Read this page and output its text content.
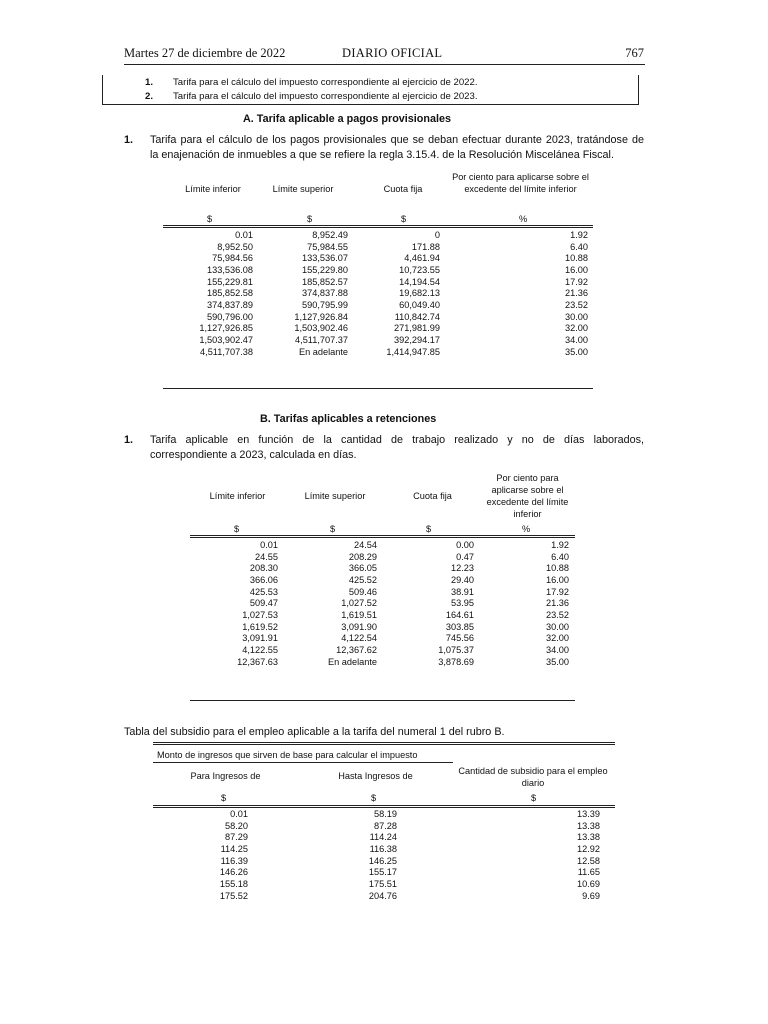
Martes 27 de diciembre de 2022	DIARIO OFICIAL	767
1. Tarifa para el cálculo del impuesto correspondiente al ejercicio de 2022.
2. Tarifa para el cálculo del impuesto correspondiente al ejercicio de 2023.
A. Tarifa aplicable a pagos provisionales
1. Tarifa para el cálculo de los pagos provisionales que se deban efectuar durante 2023, tratándose de
la enajenación de inmuebles a que se refiere la regla 3.15.4. de la Resolución Miscelánea Fiscal.
Límite inferior	Límite superior	Cuota fija
Por ciento para aplicarse sobre el excedente del límite inferior
$	$	$	%
0.01	8,952.49	0	1.92
8,952.50	75,984.55	171.88	6.40
75,984.56	133,536.07	4,461.94	10.88
133,536.08	155,229.80	10,723.55	16.00
155,229.81	185,852.57	14,194.54	17.92
185,852.58	374,837.88	19,682.13	21.36
374,837.89	590,795.99	60,049.40	23.52
590,796.00	1,127,926.84	110,842.74	30.00
1,127,926.85	1,503,902.46	271,981.99	32.00
1,503,902.47	4,511,707.37	392,294.17	34.00
4,511,707.38	En adelante	1,414,947.85	35.00
B. Tarifas aplicables a retenciones
1. Tarifa aplicable en función de la cantidad de trabajo realizado y no de días laborados,
correspondiente a 2023, calculada en días.
Límite inferior	Límite superior	Cuota fija
Por ciento para aplicarse sobre el excedente del límite inferior
$	$	$	%
0.01	24.54	0.00	1.92
24.55	208.29	0.47	6.40
208.30	366.05	12.23	10.88
366.06	425.52	29.40	16.00
425.53	509.46	38.91	17.92
509.47	1,027.52	53.95	21.36
1,027.53	1,619.51	164.61	23.52
1,619.52	3,091.90	303.85	30.00
3,091.91	4,122.54	745.56	32.00
4,122.55	12,367.62	1,075.37	34.00
12,367.63	En adelante	3,878.69	35.00
Tabla del subsidio para el empleo aplicable a la tarifa del numeral 1 del rubro B.
Monto de ingresos que sirven de base para calcular el impuesto
Para Ingresos de	Hasta Ingresos de	Cantidad de subsidio para el empleo diario
$	$	$
0.01	58.19	13.39
58.20	87.28	13.38
87.29	114.24	13.38
114.25	116.38	12.92
116.39	146.25	12.58
146.26	155.17	11.65
155.18	175.51	10.69
175.52	204.76	9.69
